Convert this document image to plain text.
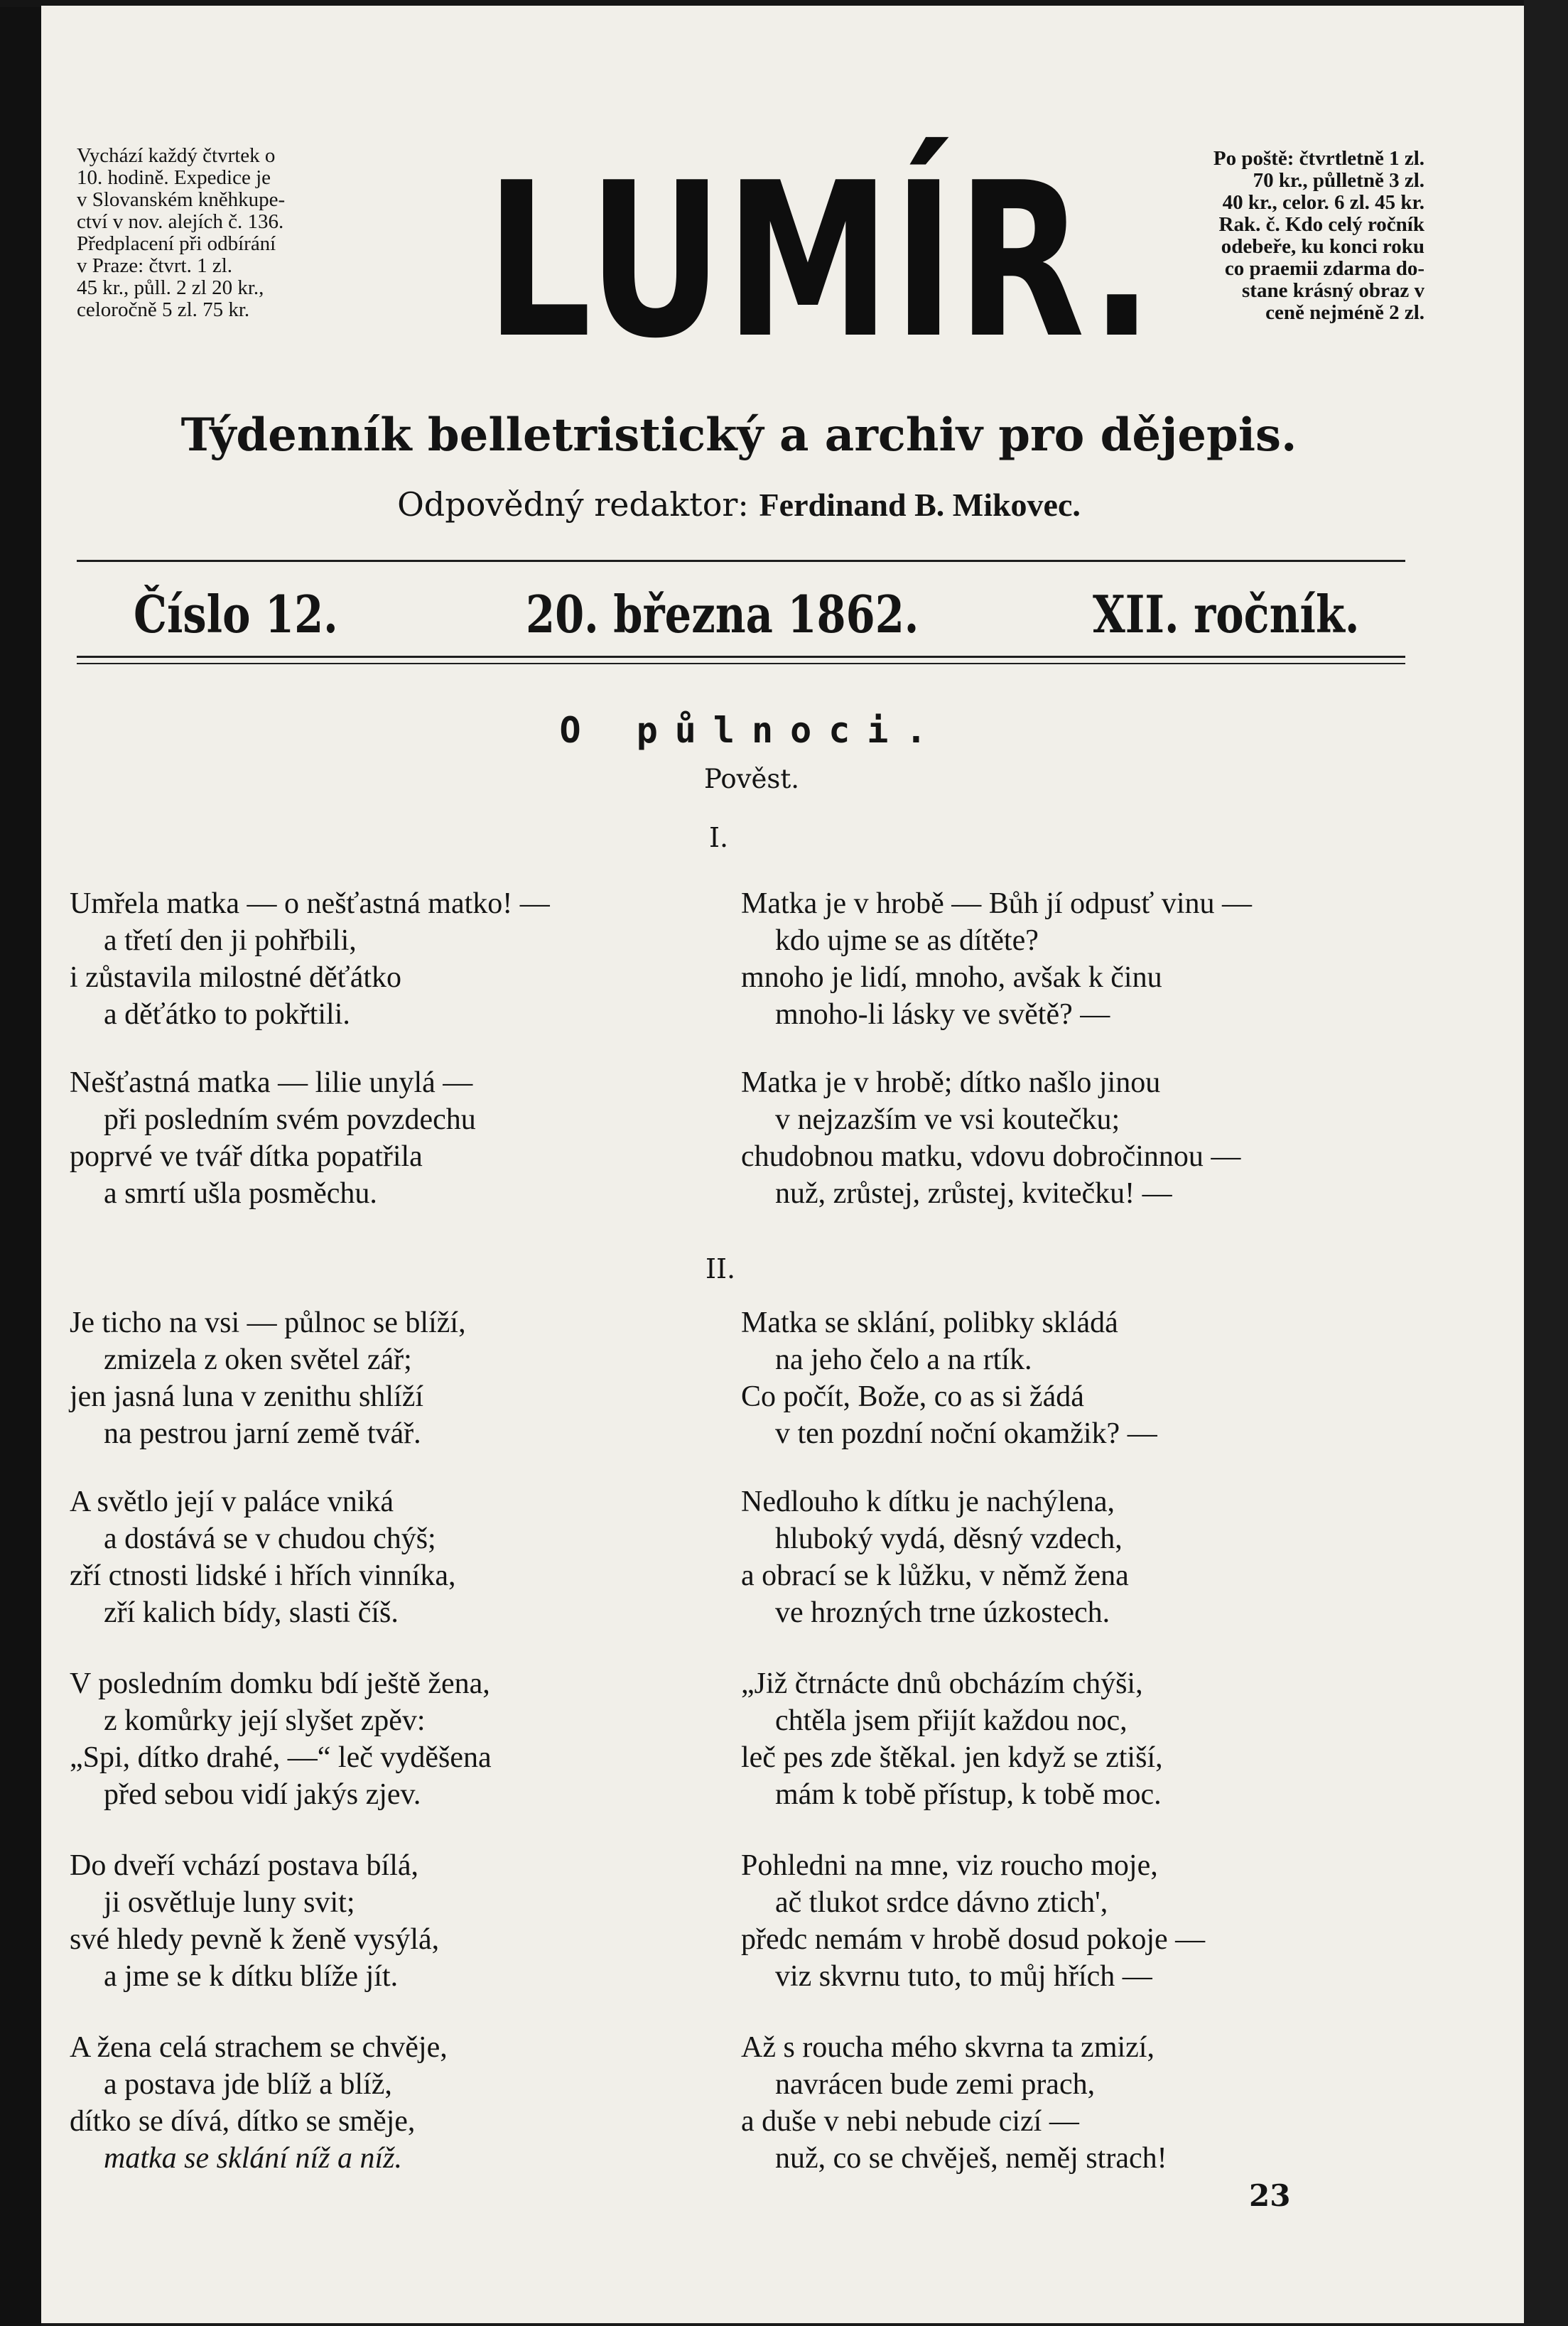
Vychází každý čtvrtek o
10. hodině. Expedice je
v Slovanském kněhkupe-
ctví v nov. alejích č. 136.
Předplacení při odbírání
v Praze: čtvrt. 1 zl.
45 kr., půll. 2 zl 20 kr.,
celoročně 5 zl. 75 kr.	LUMÍR.	Po poště: čtvrtletně 1 zl.
70 kr., půlletně 3 zl.
40 kr., celor. 6 zl. 45 kr.
Rak. č. Kdo celý ročník
odebeře, ku konci roku
co praemii zdarma do-
stane krásný obraz v
ceně nejméně 2 zl.
Týdenník belletristický a archiv pro dějepis.
Odpovědný redaktor: Ferdinand B. Mikovec.
Číslo 12.	20. března 1862.	XII. ročník.
O půlnoci.
Pověst.
I.
Umřela matka — o nešťastná matko! —
a třetí den ji pohřbili,
i zůstavila milostné děťátko
a děťátko to pokřtili.
Nešťastná matka — lilie unylá —
při posledním svém povzdechu
poprvé ve tvář dítka popatřila
a smrtí ušla posměchu.
Matka je v hrobě — Bůh jí odpusť vinu —
kdo ujme se as dítěte?
mnoho je lidí, mnoho, avšak k činu
mnoho-li lásky ve světě? —
Matka je v hrobě; dítko našlo jinou
v nejzazším ve vsi koutečku;
chudobnou matku, vdovu dobročinnou —
nuž, zrůstej, zrůstej, kvitečku! —
II.
Je ticho na vsi — půlnoc se blíží,
zmizela z oken světel zář;
jen jasná luna v zenithu shlíží
na pestrou jarní země tvář.
A světlo její v paláce vniká
a dostává se v chudou chýš;
zří ctnosti lidské i hřích vinníka,
zří kalich bídy, slasti číš.
V posledním domku bdí ještě žena,
z komůrky její slyšet zpěv:
„Spi, dítko drahé, —“ leč vyděšena
před sebou vidí jakýs zjev.
Do dveří vchází postava bílá,
ji osvětluje luny svit;
své hledy pevně k ženě vysýlá,
a jme se k dítku blíže jít.
A žena celá strachem se chvěje,
a postava jde blíž a blíž,
dítko se dívá, dítko se směje,
matka se sklání níž a níž.
Matka se sklání, polibky skládá
na jeho čelo a na rtík.
Co počít, Bože, co as si žádá
v ten pozdní noční okamžik? —
Nedlouho k dítku je nachýlena,
hluboký vydá, děsný vzdech,
a obrací se k lůžku, v němž žena
ve hrozných trne úzkostech.
„Již čtrnácte dnů obcházím chýši,
chtěla jsem přijít každou noc,
leč pes zde štěkal. jen když se ztiší,
mám k tobě přístup, k tobě moc.
Pohledni na mne, viz roucho moje,
ač tlukot srdce dávno ztich',
předc nemám v hrobě dosud pokoje —
viz skvrnu tuto, to můj hřích —
Až s roucha mého skvrna ta zmizí,
navrácen bude zemi prach,
a duše v nebi nebude cizí —
nuž, co se chvěješ, neměj strach!
23
